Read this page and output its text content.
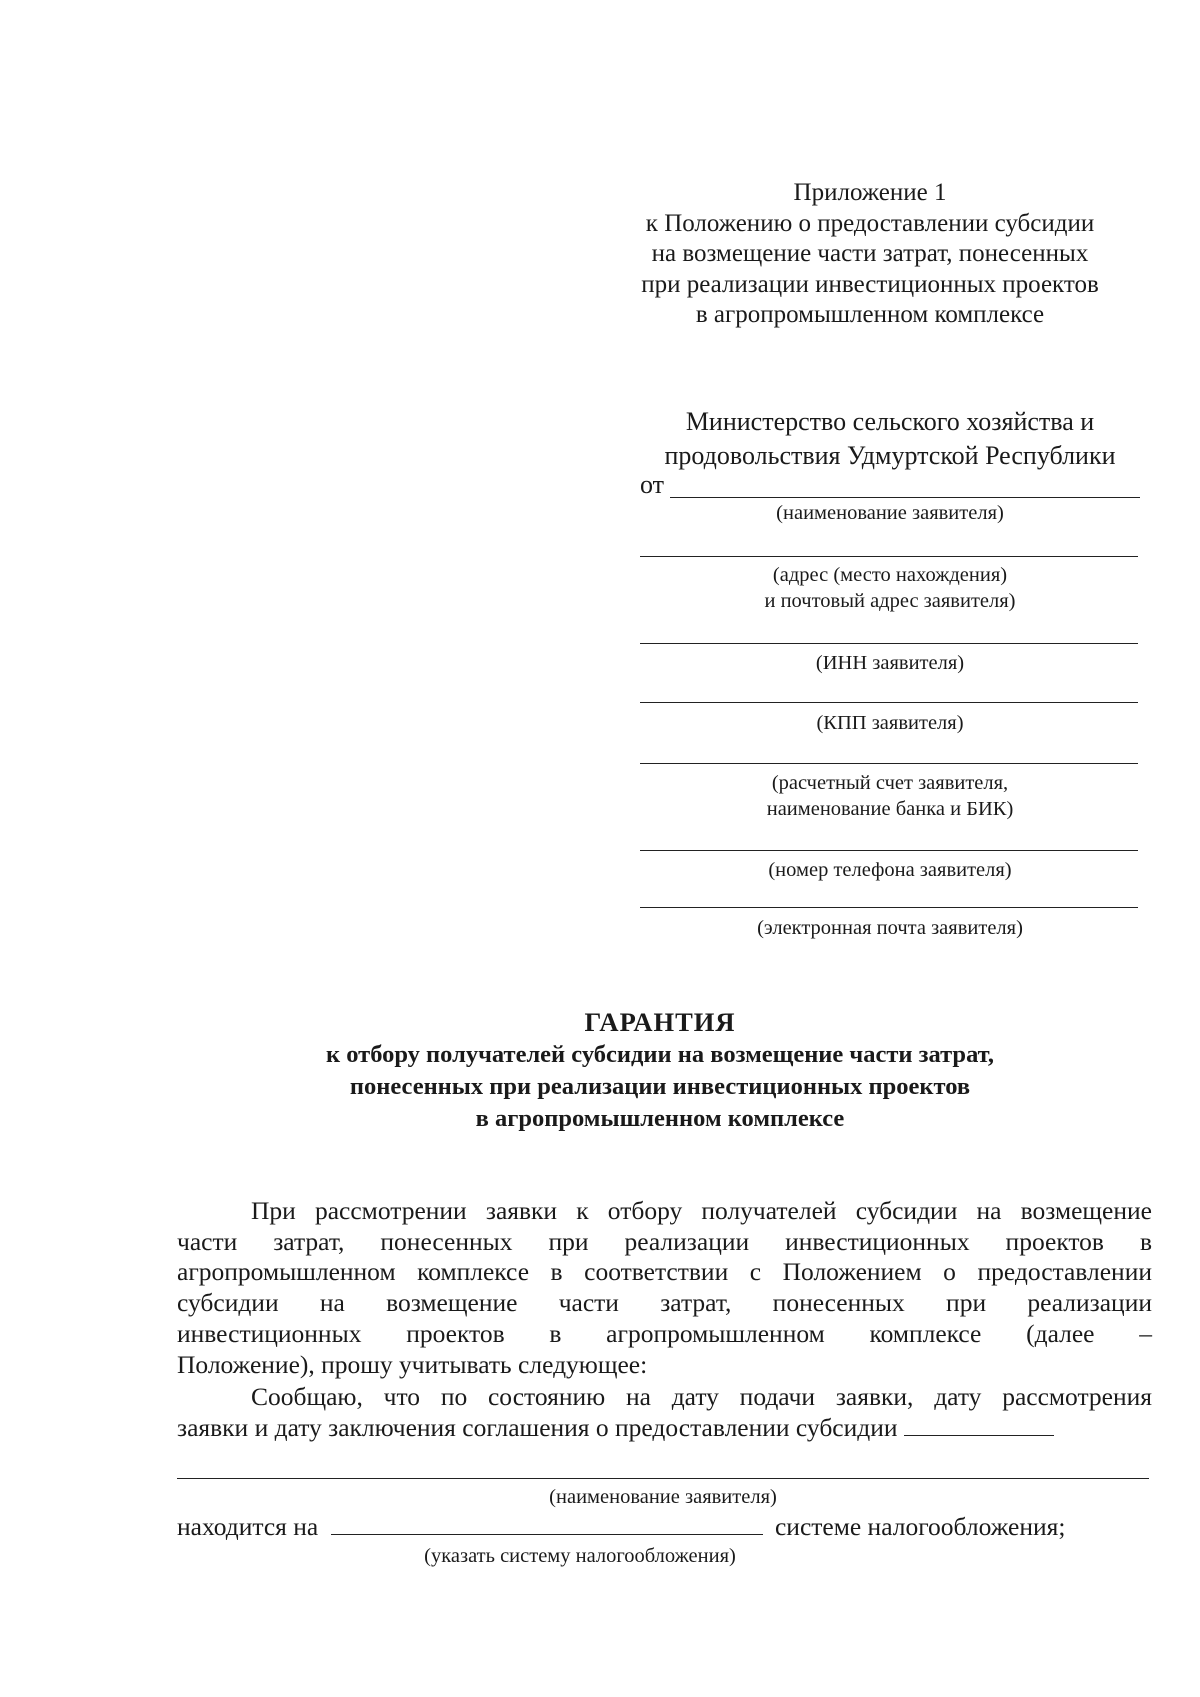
Приложение 1
к Положению о предоставлении субсидии
на возмещение части затрат, понесенных
при реализации инвестиционных проектов
в агропромышленном комплексе
Министерство сельского хозяйства и
продовольствия Удмуртской Республики
от
(наименование заявителя)
(адрес (место нахождения)
и почтовый адрес заявителя)
(ИНН заявителя)
(КПП заявителя)
(расчетный счет заявителя,
наименование банка и БИК)
(номер телефона заявителя)
(электронная почта заявителя)
ГАРАНТИЯ
к отбору получателей субсидии на возмещение части затрат,
понесенных при реализации инвестиционных проектов
в агропромышленном комплексе
При рассмотрении заявки к отбору получателей субсидии на возмещение
части затрат, понесенных при реализации инвестиционных проектов в
агропромышленном комплексе в соответствии с Положением о предоставлении
субсидии на возмещение части затрат, понесенных при реализации
инвестиционных проектов в агропромышленном комплексе (далее –
Положение), прошу учитывать следующее:
Сообщаю, что по состоянию на дату подачи заявки, дату рассмотрения
заявки и дату заключения соглашения о предоставлении субсидии
(наименование заявителя)
находится на	системе налогообложения;
(указать систему налогообложения)
